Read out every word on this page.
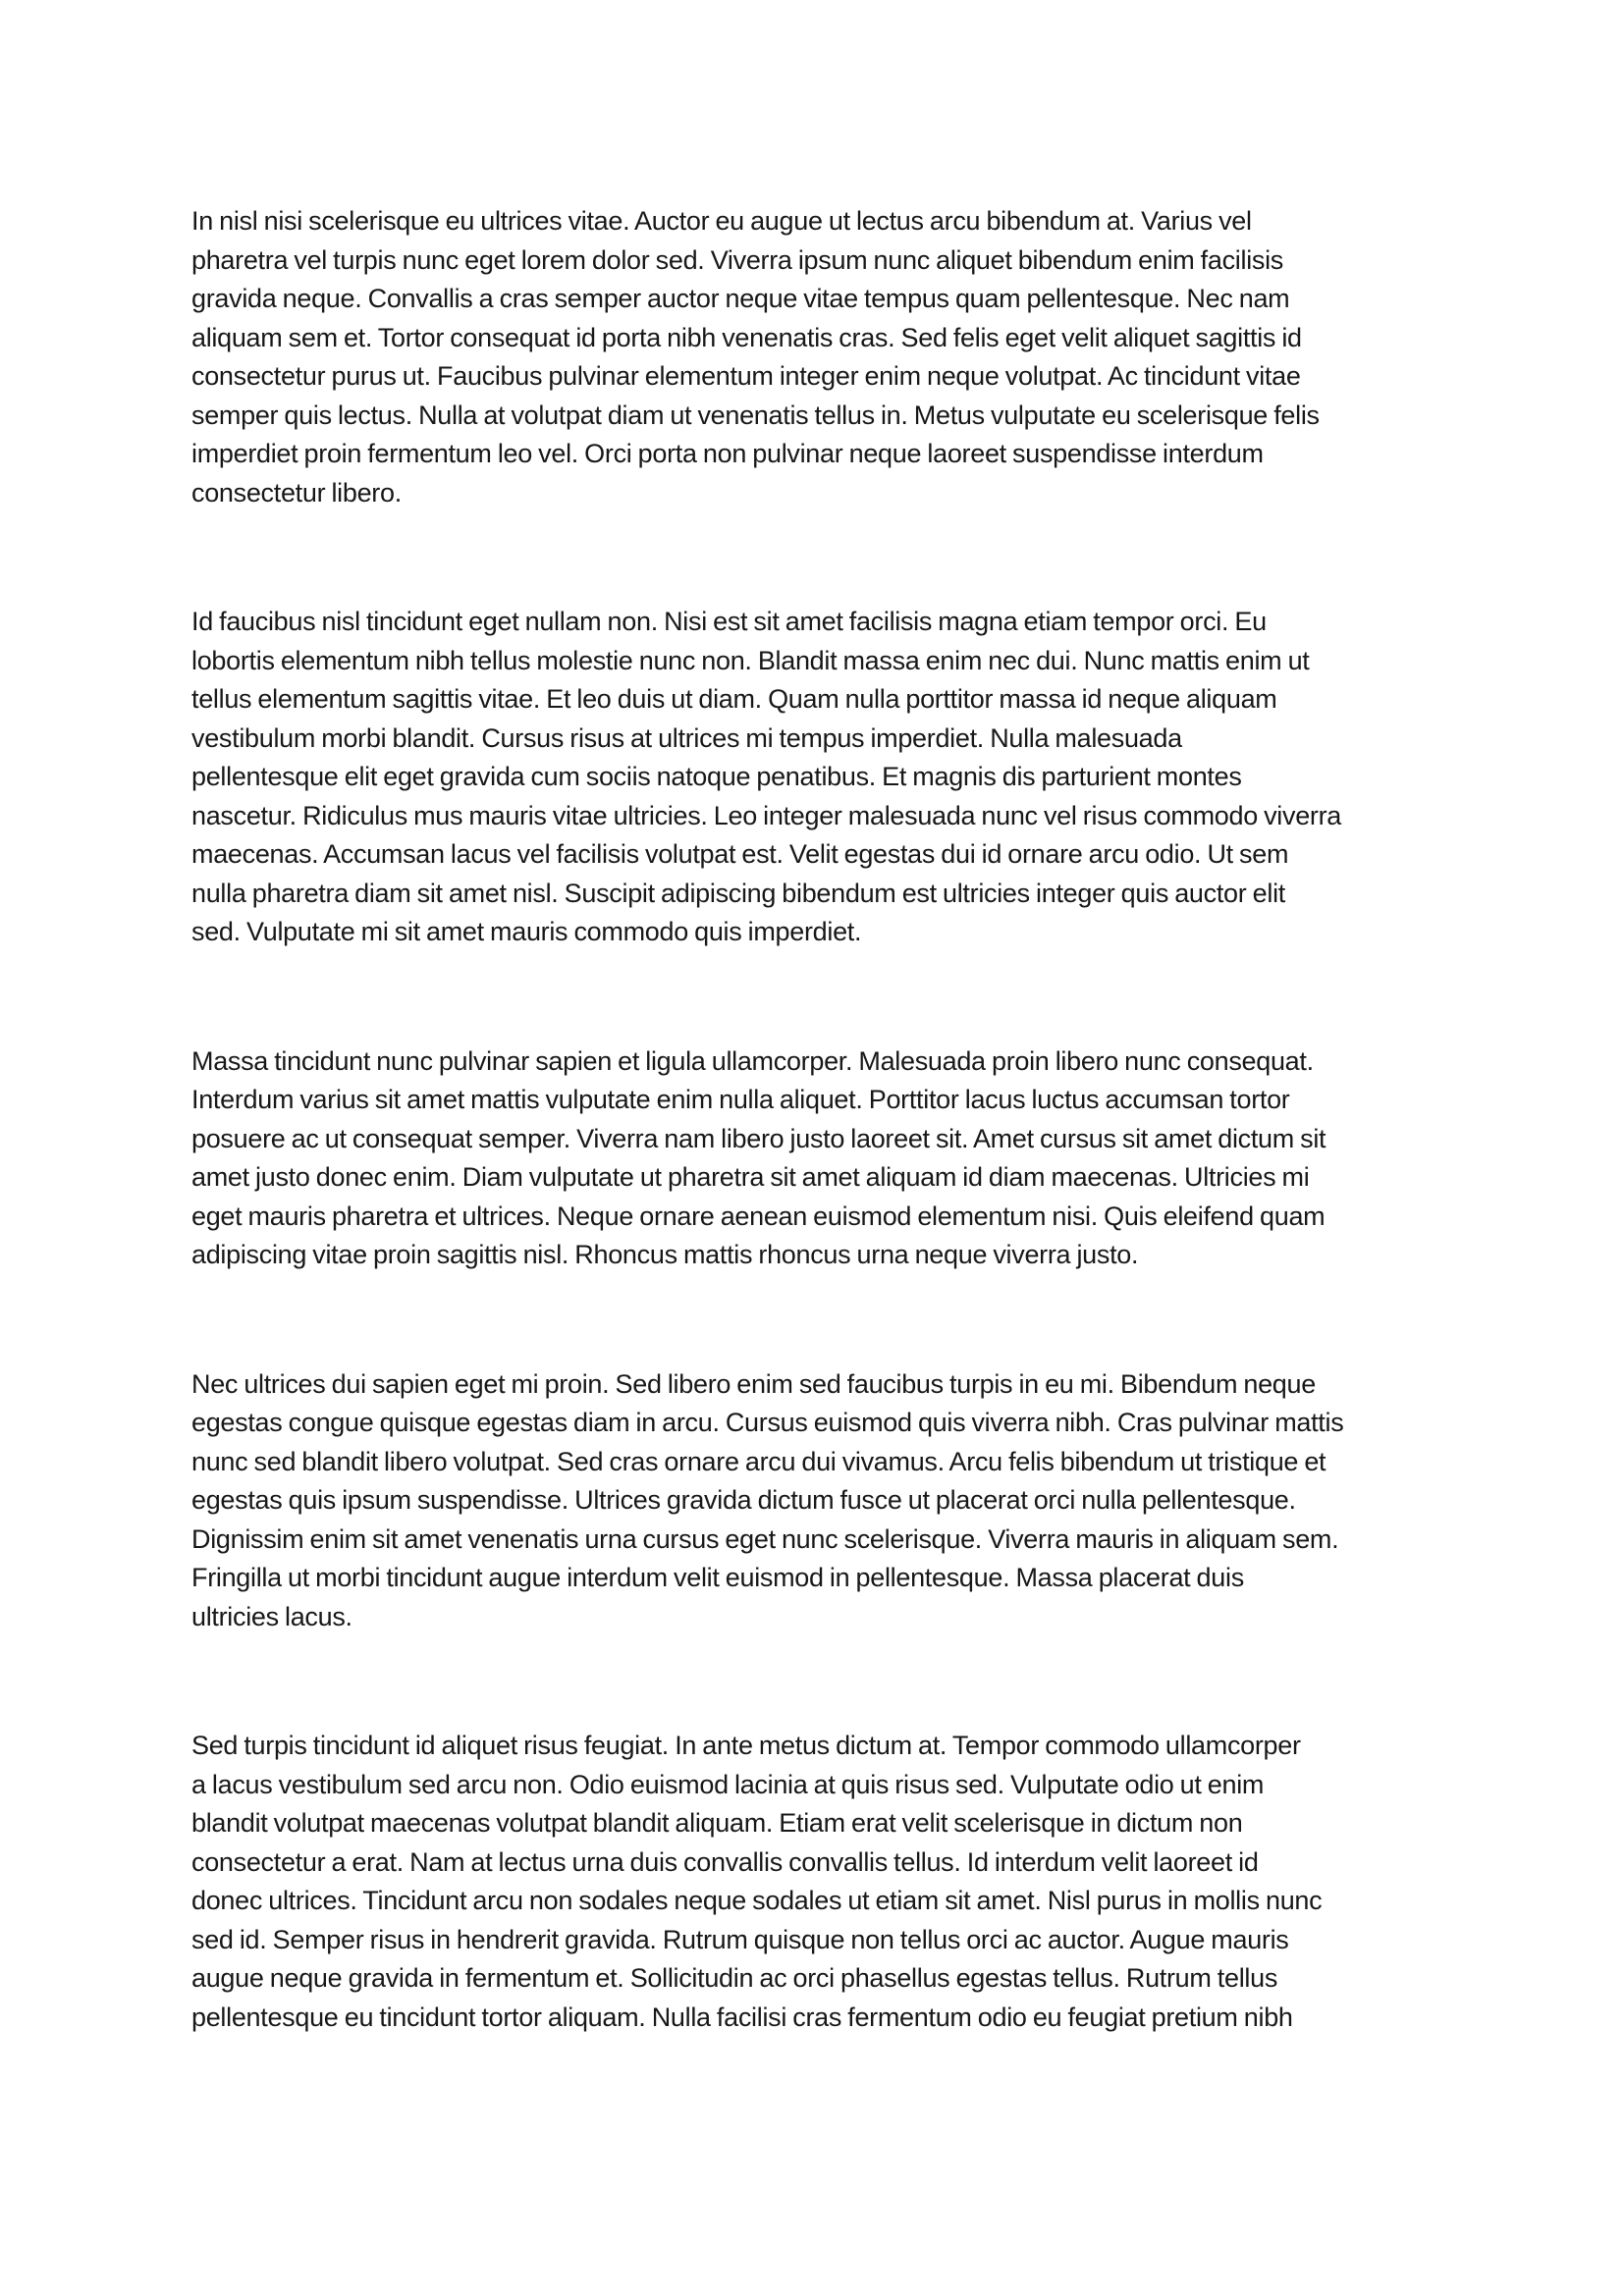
In nisl nisi scelerisque eu ultrices vitae. Auctor eu augue ut lectus arcu bibendum at. Varius vel
pharetra vel turpis nunc eget lorem dolor sed. Viverra ipsum nunc aliquet bibendum enim facilisis
gravida neque. Convallis a cras semper auctor neque vitae tempus quam pellentesque. Nec nam
aliquam sem et. Tortor consequat id porta nibh venenatis cras. Sed felis eget velit aliquet sagittis id
consectetur purus ut. Faucibus pulvinar elementum integer enim neque volutpat. Ac tincidunt vitae
semper quis lectus. Nulla at volutpat diam ut venenatis tellus in. Metus vulputate eu scelerisque felis
imperdiet proin fermentum leo vel. Orci porta non pulvinar neque laoreet suspendisse interdum
consectetur libero.
Id faucibus nisl tincidunt eget nullam non. Nisi est sit amet facilisis magna etiam tempor orci. Eu
lobortis elementum nibh tellus molestie nunc non. Blandit massa enim nec dui. Nunc mattis enim ut
tellus elementum sagittis vitae. Et leo duis ut diam. Quam nulla porttitor massa id neque aliquam
vestibulum morbi blandit. Cursus risus at ultrices mi tempus imperdiet. Nulla malesuada
pellentesque elit eget gravida cum sociis natoque penatibus. Et magnis dis parturient montes
nascetur. Ridiculus mus mauris vitae ultricies. Leo integer malesuada nunc vel risus commodo viverra
maecenas. Accumsan lacus vel facilisis volutpat est. Velit egestas dui id ornare arcu odio. Ut sem
nulla pharetra diam sit amet nisl. Suscipit adipiscing bibendum est ultricies integer quis auctor elit
sed. Vulputate mi sit amet mauris commodo quis imperdiet.
Massa tincidunt nunc pulvinar sapien et ligula ullamcorper. Malesuada proin libero nunc consequat.
Interdum varius sit amet mattis vulputate enim nulla aliquet. Porttitor lacus luctus accumsan tortor
posuere ac ut consequat semper. Viverra nam libero justo laoreet sit. Amet cursus sit amet dictum sit
amet justo donec enim. Diam vulputate ut pharetra sit amet aliquam id diam maecenas. Ultricies mi
eget mauris pharetra et ultrices. Neque ornare aenean euismod elementum nisi. Quis eleifend quam
adipiscing vitae proin sagittis nisl. Rhoncus mattis rhoncus urna neque viverra justo.
Nec ultrices dui sapien eget mi proin. Sed libero enim sed faucibus turpis in eu mi. Bibendum neque
egestas congue quisque egestas diam in arcu. Cursus euismod quis viverra nibh. Cras pulvinar mattis
nunc sed blandit libero volutpat. Sed cras ornare arcu dui vivamus. Arcu felis bibendum ut tristique et
egestas quis ipsum suspendisse. Ultrices gravida dictum fusce ut placerat orci nulla pellentesque.
Dignissim enim sit amet venenatis urna cursus eget nunc scelerisque. Viverra mauris in aliquam sem.
Fringilla ut morbi tincidunt augue interdum velit euismod in pellentesque. Massa placerat duis
ultricies lacus.
Sed turpis tincidunt id aliquet risus feugiat. In ante metus dictum at. Tempor commodo ullamcorper
a lacus vestibulum sed arcu non. Odio euismod lacinia at quis risus sed. Vulputate odio ut enim
blandit volutpat maecenas volutpat blandit aliquam. Etiam erat velit scelerisque in dictum non
consectetur a erat. Nam at lectus urna duis convallis convallis tellus. Id interdum velit laoreet id
donec ultrices. Tincidunt arcu non sodales neque sodales ut etiam sit amet. Nisl purus in mollis nunc
sed id. Semper risus in hendrerit gravida. Rutrum quisque non tellus orci ac auctor. Augue mauris
augue neque gravida in fermentum et. Sollicitudin ac orci phasellus egestas tellus. Rutrum tellus
pellentesque eu tincidunt tortor aliquam. Nulla facilisi cras fermentum odio eu feugiat pretium nibh
